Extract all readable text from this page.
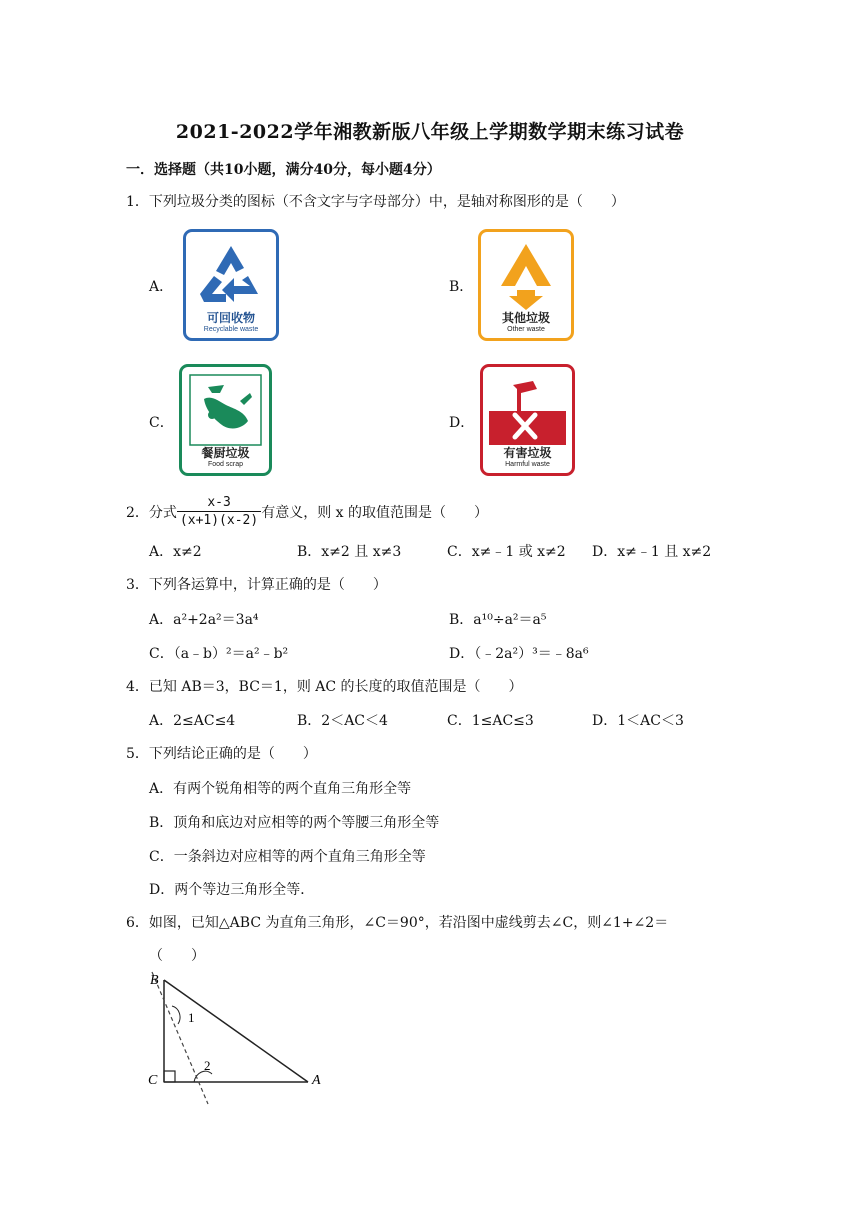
2021-2022学年湘教新版八年级上学期数学期末练习试卷
一．选择题（共10小题，满分40分，每小题4分）
1．下列垃圾分类的图标（不含文字与字母部分）中，是轴对称图形的是（　　）
A．
可回收物
Recyclable waste
B．
其他垃圾
Other waste
C．
餐厨垃圾
Food scrap
D．
有害垃圾
Harmful waste
2．分式 $\frac{x-3}{(x+1)(x-2)}$ 有意义，则 x 的取值范围是（　　）
A．x≠2	B．x≠2 且 x≠3	C．x≠﹣1 或 x≠2 D．x≠﹣1 且 x≠2
3．下列各运算中，计算正确的是（　　）
A．a²+2a²＝3a⁴	B．a¹⁰÷a²＝a⁵
C．（a﹣b）²＝a²﹣b²	D．（﹣2a²）³＝﹣8a⁶
4．已知 AB＝3，BC＝1，则 AC 的长度的取值范围是（　　）
A．2≤AC≤4	B．2＜AC＜4	C．1≤AC≤3	D．1＜AC＜3
5．下列结论正确的是（　　）
A．有两个锐角相等的两个直角三角形全等
B．顶角和底边对应相等的两个等腰三角形全等
C．一条斜边对应相等的两个直角三角形全等
D．两个等边三角形全等．
6．如图，已知△ABC 为直角三角形，∠C＝90°，若沿图中虚线剪去∠C，则∠1+∠2＝
（　　）
B
C	A
1
2
